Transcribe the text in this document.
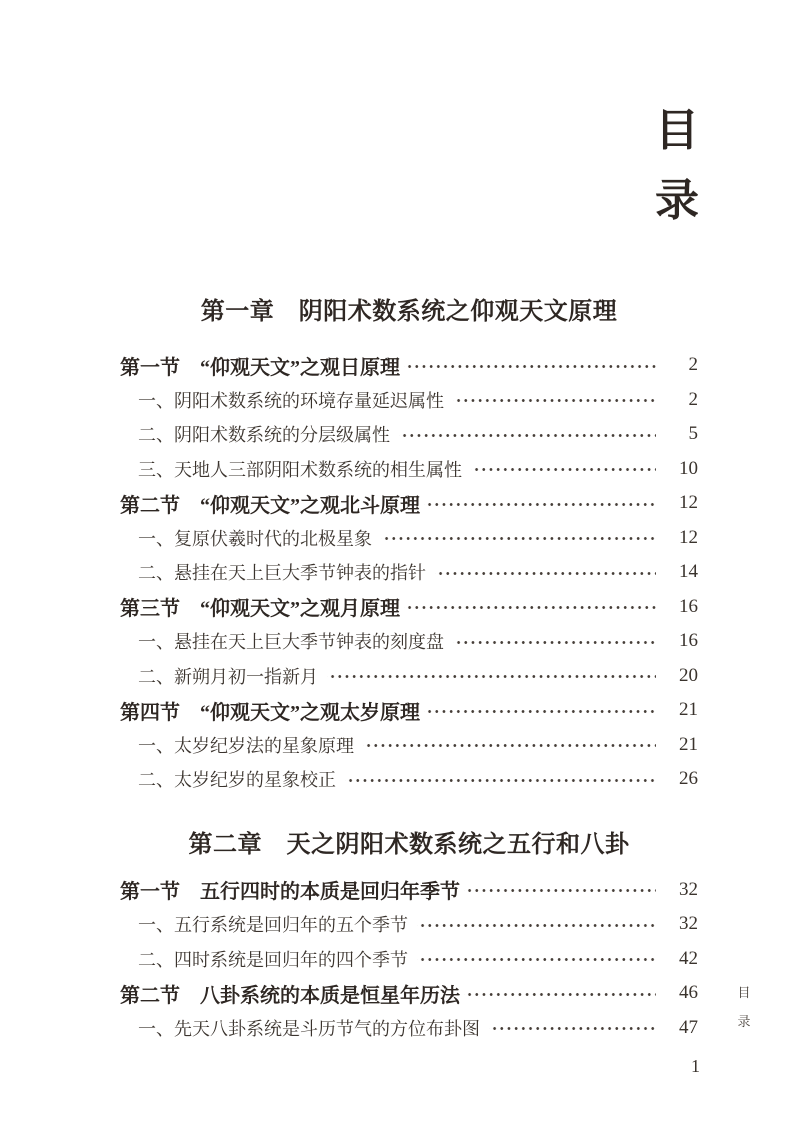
目
录
第一章　阴阳术数系统之仰观天文原理
第一节　“仰观天文”之观日原理	2
一、阴阳术数系统的环境存量延迟属性	2
二、阴阳术数系统的分层级属性	5
三、天地人三部阴阳术数系统的相生属性	10
第二节　“仰观天文”之观北斗原理	12
一、复原伏羲时代的北极星象	12
二、悬挂在天上巨大季节钟表的指针	14
第三节　“仰观天文”之观月原理	16
一、悬挂在天上巨大季节钟表的刻度盘	16
二、新朔月初一指新月	20
第四节　“仰观天文”之观太岁原理	21
一、太岁纪岁法的星象原理	21
二、太岁纪岁的星象校正	26
第二章　天之阴阳术数系统之五行和八卦
第一节　五行四时的本质是回归年季节	32
一、五行系统是回归年的五个季节	32
二、四时系统是回归年的四个季节	42
第二节　八卦系统的本质是恒星年历法	46
一、先天八卦系统是斗历节气的方位布卦图	47
目
录
1
